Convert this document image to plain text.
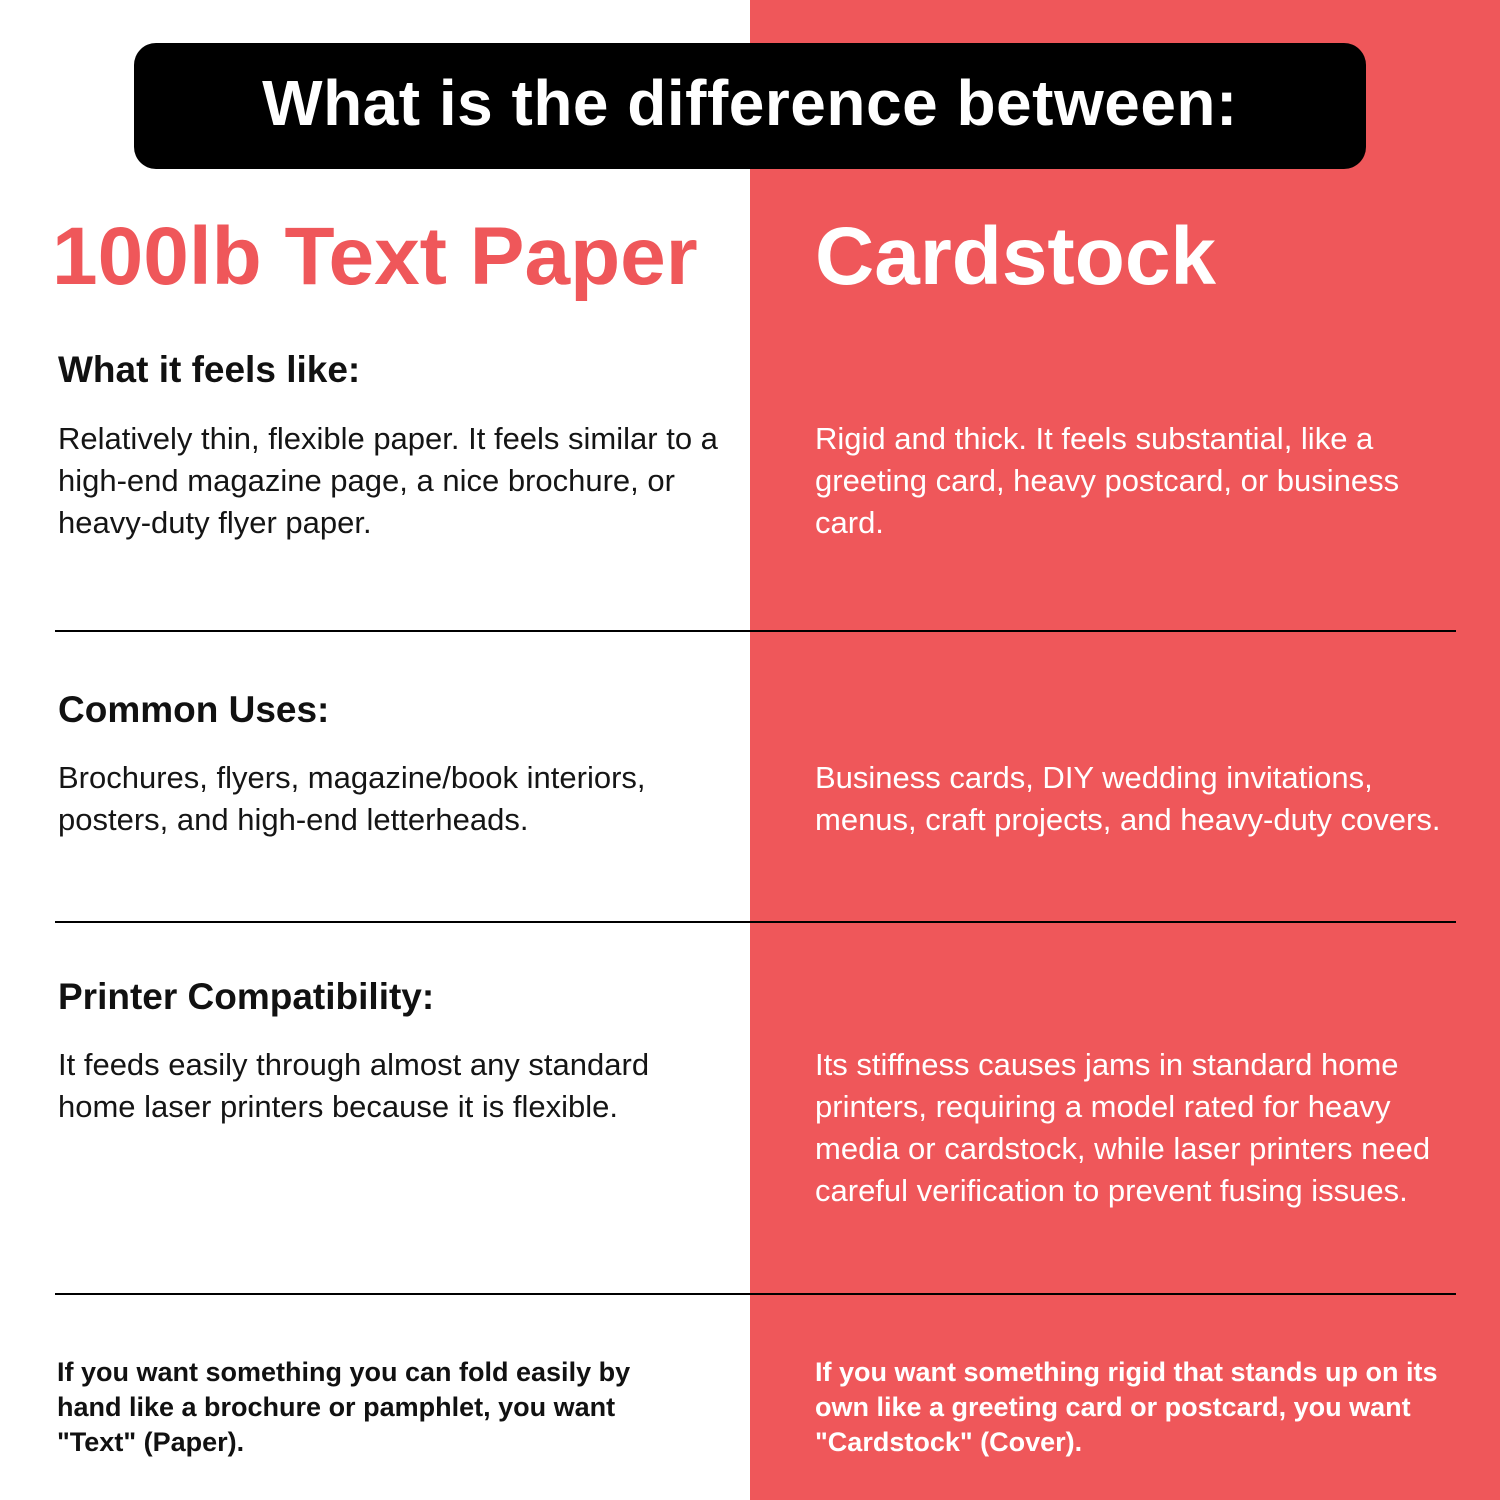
What is the difference between:
100lb Text Paper Cardstock
What it feels like:

Relatively thin, flexible paper. It feels similar to a high-end magazine page, a nice brochure, or heavy-duty flyer paper.

Rigid and thick. It feels substantial, like a greeting card, heavy postcard, or business card.

Common Uses:

Brochures, flyers, magazine/book interiors, posters, and high-end letterheads.

Business cards, DIY wedding invitations, menus, craft projects, and heavy-duty covers.

Printer Compatibility:

It feeds easily through almost any standard home laser printers because it is flexible.

Its stiffness causes jams in standard home printers, requiring a model rated for heavy media or cardstock, while laser printers need careful verification to prevent fusing issues.

If you want something you can fold easily by hand like a brochure or pamphlet, you want "Text" (Paper).

If you want something rigid that stands up on its own like a greeting card or postcard, you want "Cardstock" (Cover).
